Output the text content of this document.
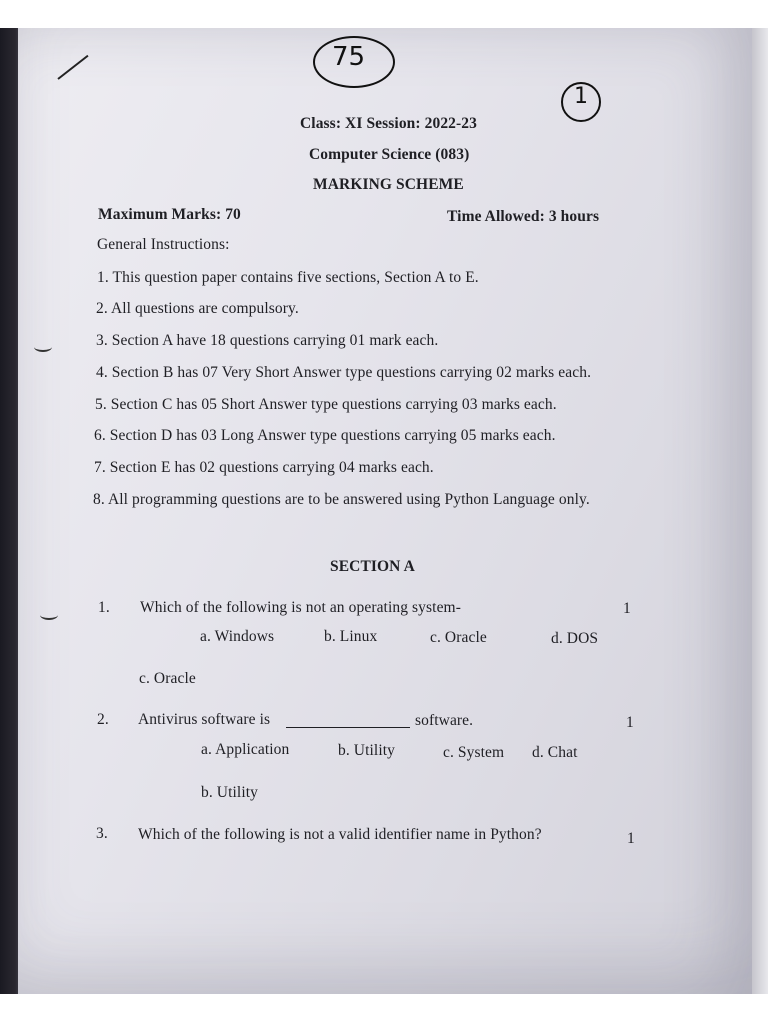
75
1
Class: XI Session: 2022-23
Computer Science (083)
MARKING SCHEME
Maximum Marks: 70	Time Allowed: 3 hours
General Instructions:
1. This question paper contains five sections, Section A to E.
2. All questions are compulsory.
3. Section A have 18 questions carrying 01 mark each.
4. Section B has 07 Very Short Answer type questions carrying 02 marks each.
5. Section C has 05 Short Answer type questions carrying 03 marks each.
6. Section D has 03 Long Answer type questions carrying 05 marks each.
7. Section E has 02 questions carrying 04 marks each.
8. All programming questions are to be answered using Python Language only.
SECTION A
1. Which of the following is not an operating system-	1
a. Windows	b. Linux	c. Oracle	d. DOS
c. Oracle
2. Antivirus software is	software.	1
a. Application	b. Utility	c. System d. Chat
b. Utility
3. Which of the following is not a valid identifier name in Python?	1
